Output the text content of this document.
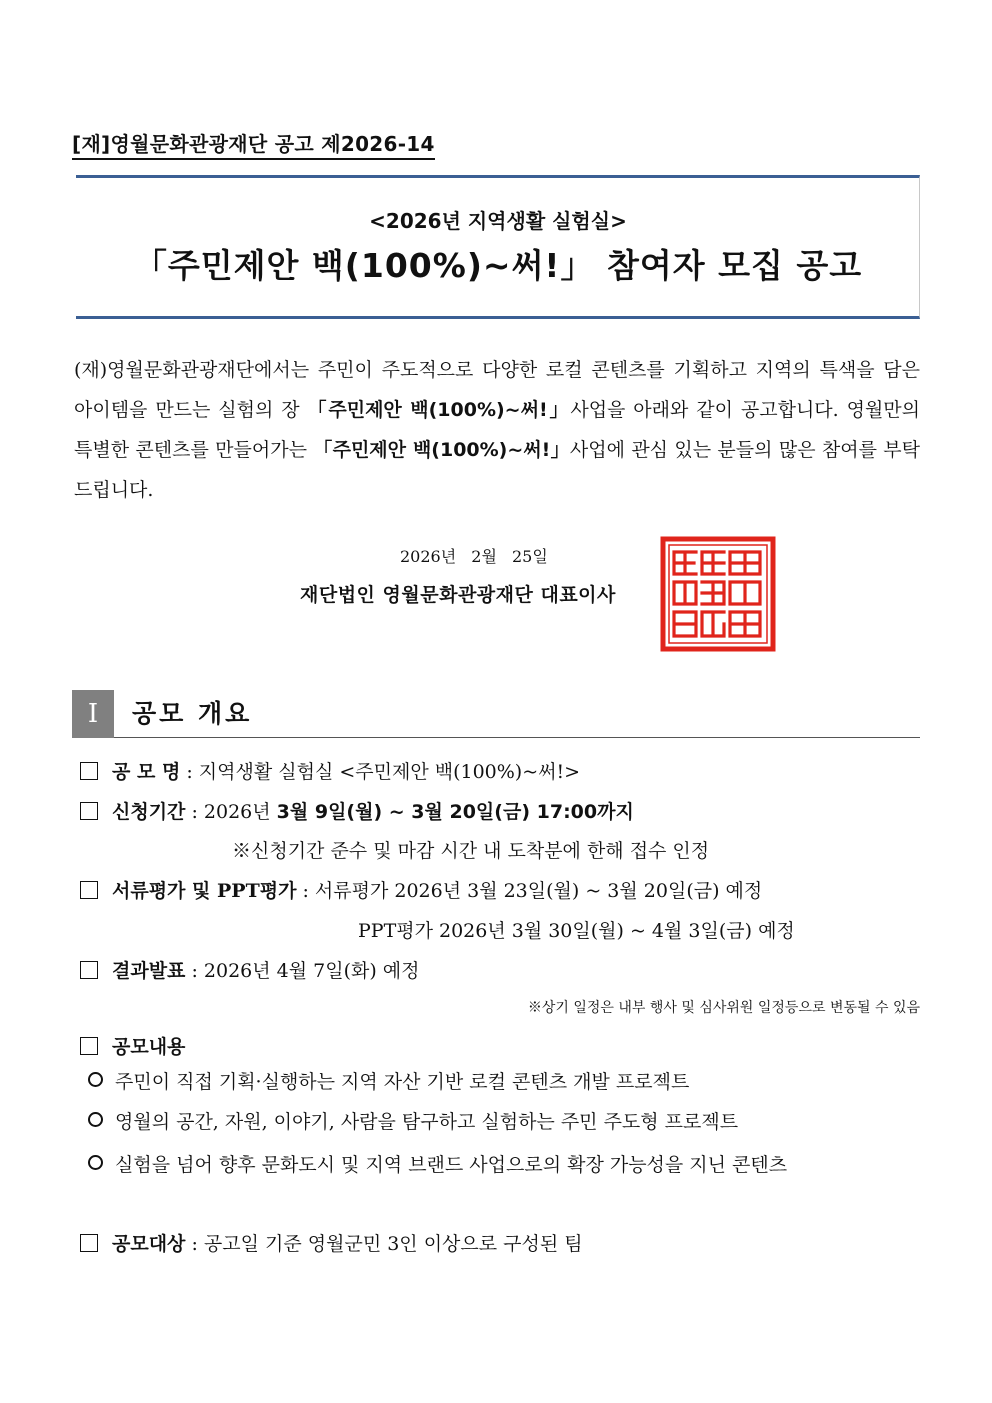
[재]영월문화관광재단 공고 제2026-14
<2026년 지역생활 실험실>
「주민제안 백(100%)~써!」 참여자 모집 공고
(재)영월문화관광재단에서는 주민이 주도적으로 다양한 로컬 콘텐츠를 기획하고 지역의 특색을 담은 아이템을 만드는 실험의 장 「주민제안 백(100%)~써!」사업을 아래와 같이 공고합니다. 영월만의 특별한 콘텐츠를 만들어가는 「주민제안 백(100%)~써!」사업에 관심 있는 분들의 많은 참여를 부탁드립니다.
2026년 2월 25일
재단법인 영월문화관광재단 대표이사
Ⅰ	공모 개요
공 모 명 : 지역생활 실험실 <주민제안 백(100%)~써!>
신청기간 : 2026년 3월 9일(월) ~ 3월 20일(금) 17:00까지
※신청기간 준수 및 마감 시간 내 도착분에 한해 접수 인정
서류평가 및 PPT평가 : 서류평가 2026년 3월 23일(월) ~ 3월 20일(금) 예정
PPT평가 2026년 3월 30일(월) ~ 4월 3일(금) 예정
결과발표 : 2026년 4월 7일(화) 예정
※상기 일정은 내부 행사 및 심사위원 일정등으로 변동될 수 있음
공모내용
주민이 직접 기획·실행하는 지역 자산 기반 로컬 콘텐츠 개발 프로젝트
영월의 공간, 자원, 이야기, 사람을 탐구하고 실험하는 주민 주도형 프로젝트
실험을 넘어 향후 문화도시 및 지역 브랜드 사업으로의 확장 가능성을 지닌 콘텐츠
공모대상 : 공고일 기준 영월군민 3인 이상으로 구성된 팀
